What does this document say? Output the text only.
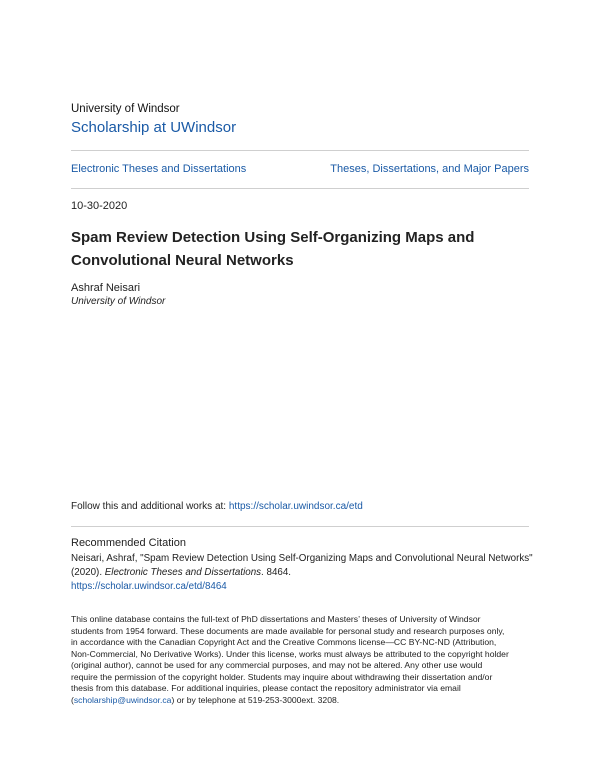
University of Windsor
Scholarship at UWindsor
Electronic Theses and Dissertations	Theses, Dissertations, and Major Papers
10-30-2020
Spam Review Detection Using Self-Organizing Maps and
Convolutional Neural Networks
Ashraf Neisari
University of Windsor
Follow this and additional works at: https://scholar.uwindsor.ca/etd
Recommended Citation
Neisari, Ashraf, "Spam Review Detection Using Self-Organizing Maps and Convolutional Neural Networks"
(2020). Electronic Theses and Dissertations. 8464.
https://scholar.uwindsor.ca/etd/8464
This online database contains the full-text of PhD dissertations and Masters’ theses of University of Windsor
students from 1954 forward. These documents are made available for personal study and research purposes only,
in accordance with the Canadian Copyright Act and the Creative Commons license—CC BY-NC-ND (Attribution,
Non-Commercial, No Derivative Works). Under this license, works must always be attributed to the copyright holder
(original author), cannot be used for any commercial purposes, and may not be altered. Any other use would
require the permission of the copyright holder. Students may inquire about withdrawing their dissertation and/or
thesis from this database. For additional inquiries, please contact the repository administrator via email
(scholarship@uwindsor.ca) or by telephone at 519-253-3000ext. 3208.
